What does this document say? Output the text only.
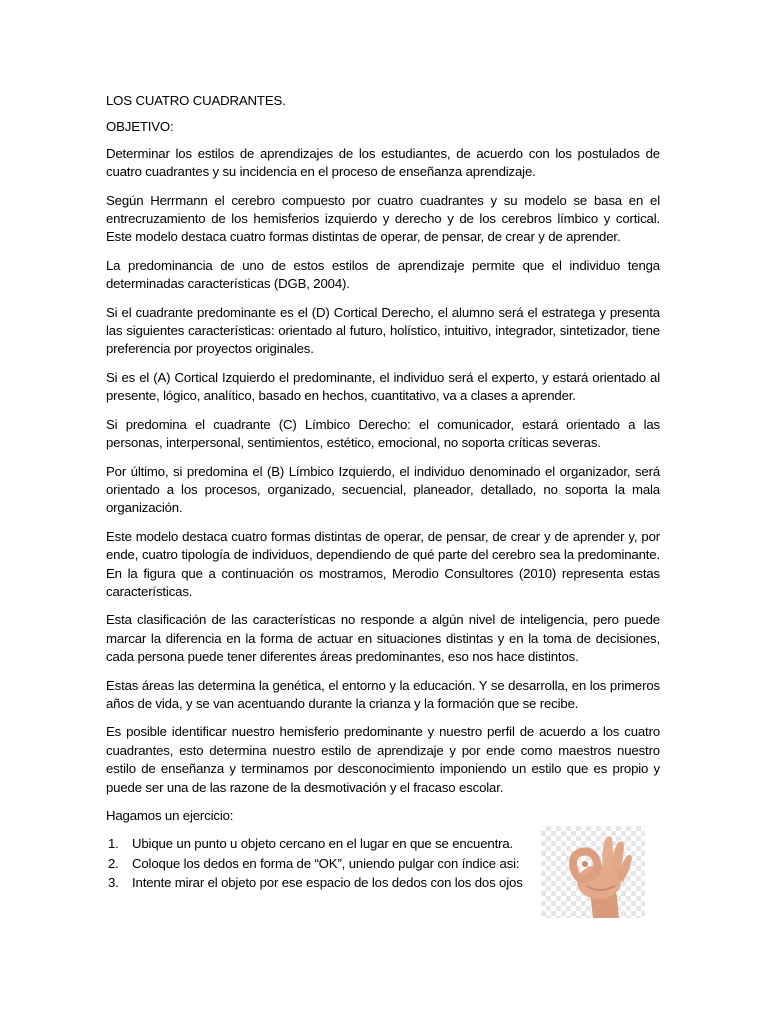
LOS CUATRO CUADRANTES.

OBJETIVO:

Determinar los estilos de aprendizajes de los estudiantes, de acuerdo con los postulados de cuatro cuadrantes y su incidencia en el proceso de enseñanza aprendizaje.

Según Herrmann el cerebro compuesto por cuatro cuadrantes y su modelo se basa en el entrecruzamiento de los hemisferios izquierdo y derecho y de los cerebros límbico y cortical. Este modelo destaca cuatro formas distintas de operar, de pensar, de crear y de aprender.

La predominancia de uno de estos estilos de aprendizaje permite que el individuo tenga determinadas características (DGB, 2004).

Si el cuadrante predominante es el (D) Cortical Derecho, el alumno será el estratega y presenta las siguientes características: orientado al futuro, holístico, intuitivo, integrador, sintetizador, tiene preferencia por proyectos originales.

Si es el (A) Cortical Izquierdo el predominante, el individuo será el experto, y estará orientado al presente, lógico, analítico, basado en hechos, cuantitativo, va a clases a aprender.

Si predomina el cuadrante (C) Límbico Derecho: el comunicador, estará orientado a las personas, interpersonal, sentimientos, estético, emocional, no soporta críticas severas.

Por último, si predomina el (B) Límbico Izquierdo, el individuo denominado el organizador, será orientado a los procesos, organizado, secuencial, planeador, detallado, no soporta la mala organización.

Este modelo destaca cuatro formas distintas de operar, de pensar, de crear y de aprender y, por ende, cuatro tipología de individuos, dependiendo de qué parte del cerebro sea la predominante. En la figura que a continuación os mostramos, Merodio Consultores (2010) representa estas características.

Esta clasificación de las características no responde a algún nivel de inteligencia, pero puede marcar la diferencia en la forma de actuar en situaciones distintas y en la toma de decisiones, cada persona puede tener diferentes áreas predominantes, eso nos hace distintos.

Estas áreas las determina la genética, el entorno y la educación. Y se desarrolla, en los primeros años de vida, y se van acentuando durante la crianza y la formación que se recibe.

Es posible identificar nuestro hemisferio predominante y nuestro perfil de acuerdo a los cuatro cuadrantes, esto determina nuestro estilo de aprendizaje y por ende como maestros nuestro estilo de enseñanza y terminamos por desconocimiento imponiendo un estilo que es propio y puede ser una de las razone de la desmotivación y el fracaso escolar.

Hagamos un ejercicio:

1.	Ubique un punto u objeto cercano en el lugar en que se encuentra.
2.	Coloque los dedos en forma de “OK”, uniendo pulgar con índice asi:
3.	Intente mirar el objeto por ese espacio de los dedos con los dos ojos
